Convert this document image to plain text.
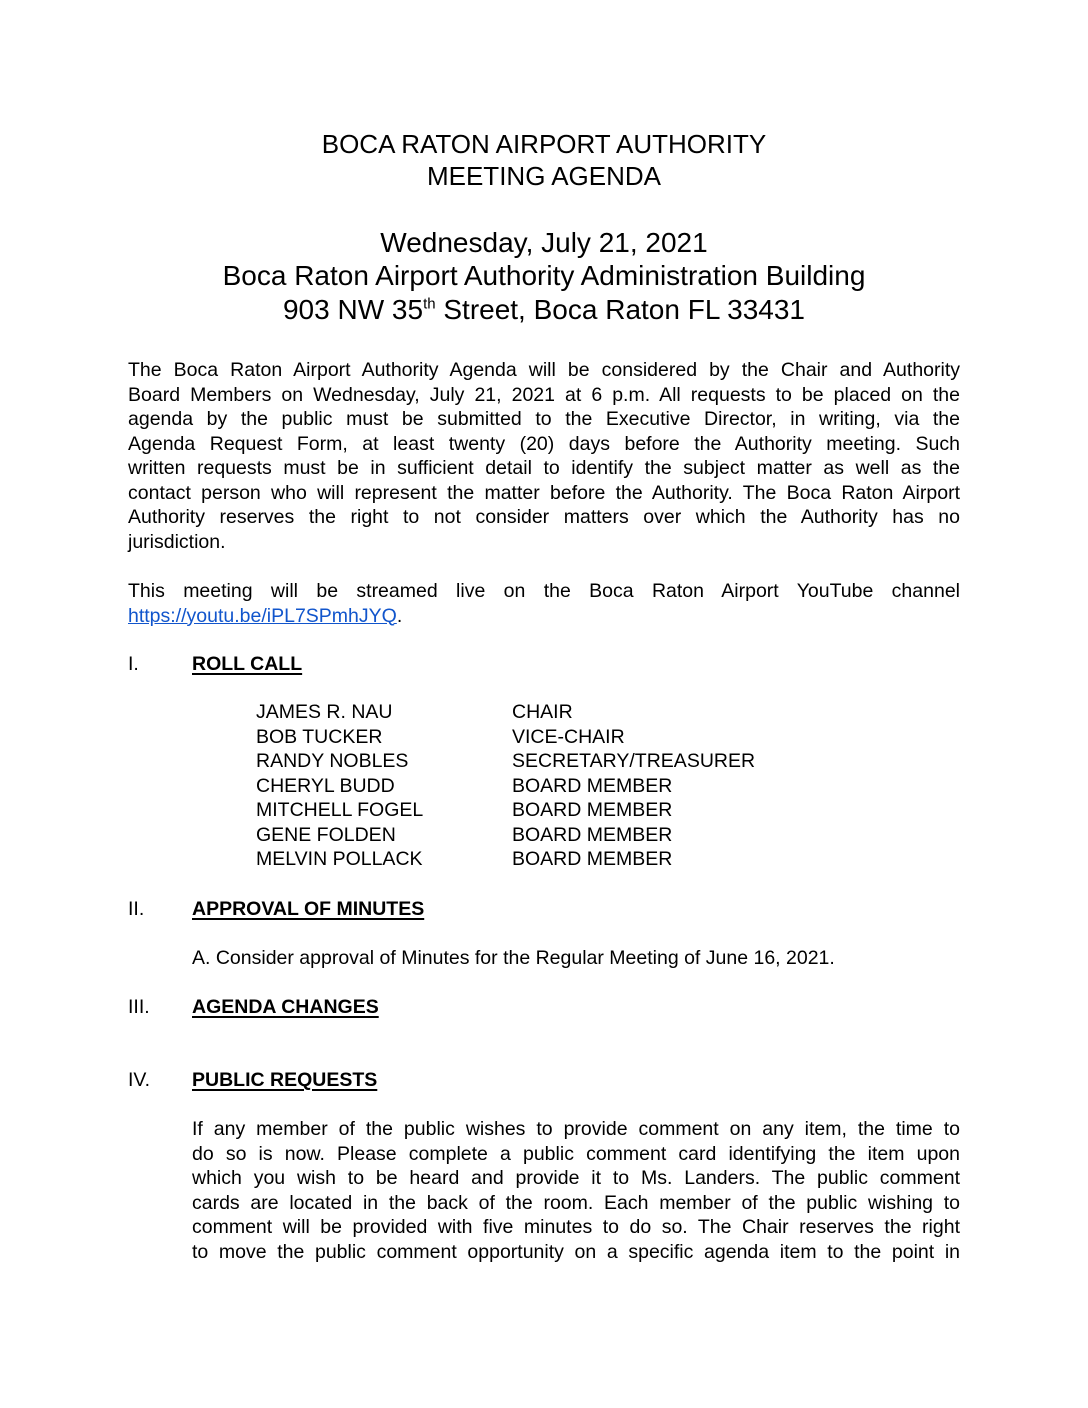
BOCA RATON AIRPORT AUTHORITY
MEETING AGENDA
Wednesday, July 21, 2021
Boca Raton Airport Authority Administration Building
903 NW 35th Street, Boca Raton FL 33431
The Boca Raton Airport Authority Agenda will be considered by the Chair and Authority
Board Members on Wednesday, July 21, 2021 at 6 p.m. All requests to be placed on the
agenda by the public must be submitted to the Executive Director, in writing, via the
Agenda Request Form, at least twenty (20) days before the Authority meeting. Such
written requests must be in sufficient detail to identify the subject matter as well as the
contact person who will represent the matter before the Authority. The Boca Raton Airport
Authority reserves the right to not consider matters over which the Authority has no
jurisdiction.
This meeting will be streamed live on the Boca Raton Airport YouTube channel
https://youtu.be/iPL7SPmhJYQ.
I.	ROLL CALL
JAMES R. NAU	CHAIR
BOB TUCKER	VICE-CHAIR
RANDY NOBLES	SECRETARY/TREASURER
CHERYL BUDD	BOARD MEMBER
MITCHELL FOGEL	BOARD MEMBER
GENE FOLDEN	BOARD MEMBER
MELVIN POLLACK	BOARD MEMBER
II. APPROVAL OF MINUTES
A. Consider approval of Minutes for the Regular Meeting of June 16, 2021.
III. AGENDA CHANGES
IV. PUBLIC REQUESTS
If any member of the public wishes to provide comment on any item, the time to
do so is now. Please complete a public comment card identifying the item upon
which you wish to be heard and provide it to Ms. Landers. The public comment
cards are located in the back of the room. Each member of the public wishing to
comment will be provided with five minutes to do so. The Chair reserves the right
to move the public comment opportunity on a specific agenda item to the point in
